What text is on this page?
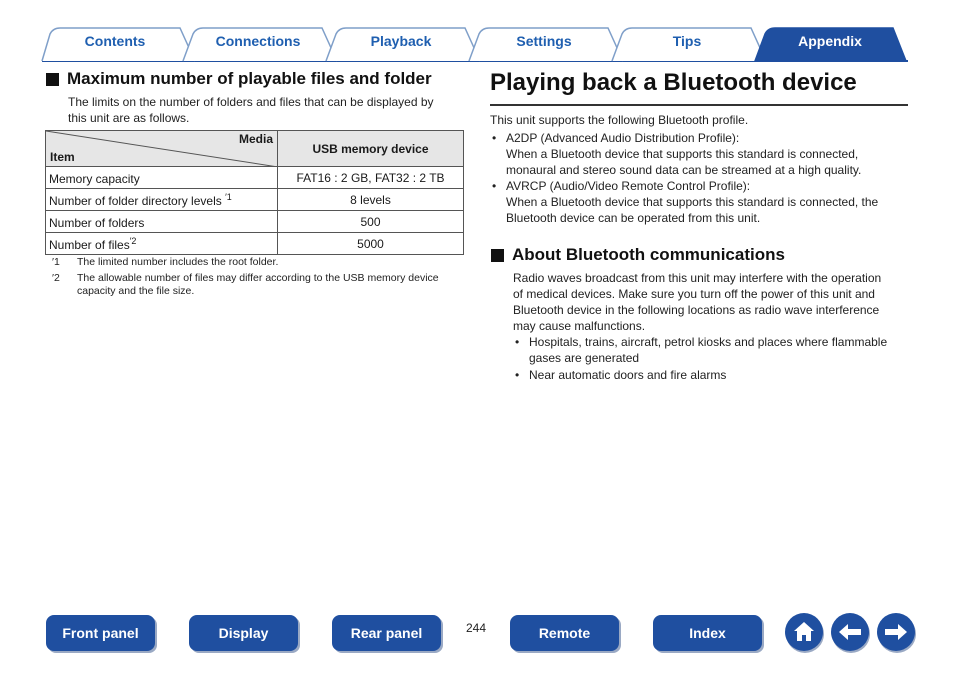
Contents	Connections	Playback	Settings	Tips	Appendix
Maximum number of playable files and folder
The limits on the number of folders and files that can be displayed by
this unit are as follows.
Media
Item	USB memory device
Memory capacity	FAT16 : 2 GB, FAT32 : 2 TB
Number of folder directory levels $^{'1}$	8 levels
Number of folders	500
Number of files$^{'2}$	5000
′1 The limited number includes the root folder.
′2 The allowable number of files may differ according to the USB memory device
capacity and the file size.
Playing back a Bluetooth device
This unit supports the following Bluetooth profile.
• A2DP (Advanced Audio Distribution Profile):
When a Bluetooth device that supports this standard is connected,
monaural and stereo sound data can be streamed at a high quality.
• AVRCP (Audio/Video Remote Control Profile):
When a Bluetooth device that supports this standard is connected, the
Bluetooth device can be operated from this unit.
About Bluetooth communications
Radio waves broadcast from this unit may interfere with the operation
of medical devices. Make sure you turn off the power of this unit and
Bluetooth device in the following locations as radio wave interference
may cause malfunctions.
• Hospitals, trains, aircraft, petrol kiosks and places where flammable
gases are generated
• Near automatic doors and fire alarms
Front panel	Display	Rear panel	244	Remote	Index
